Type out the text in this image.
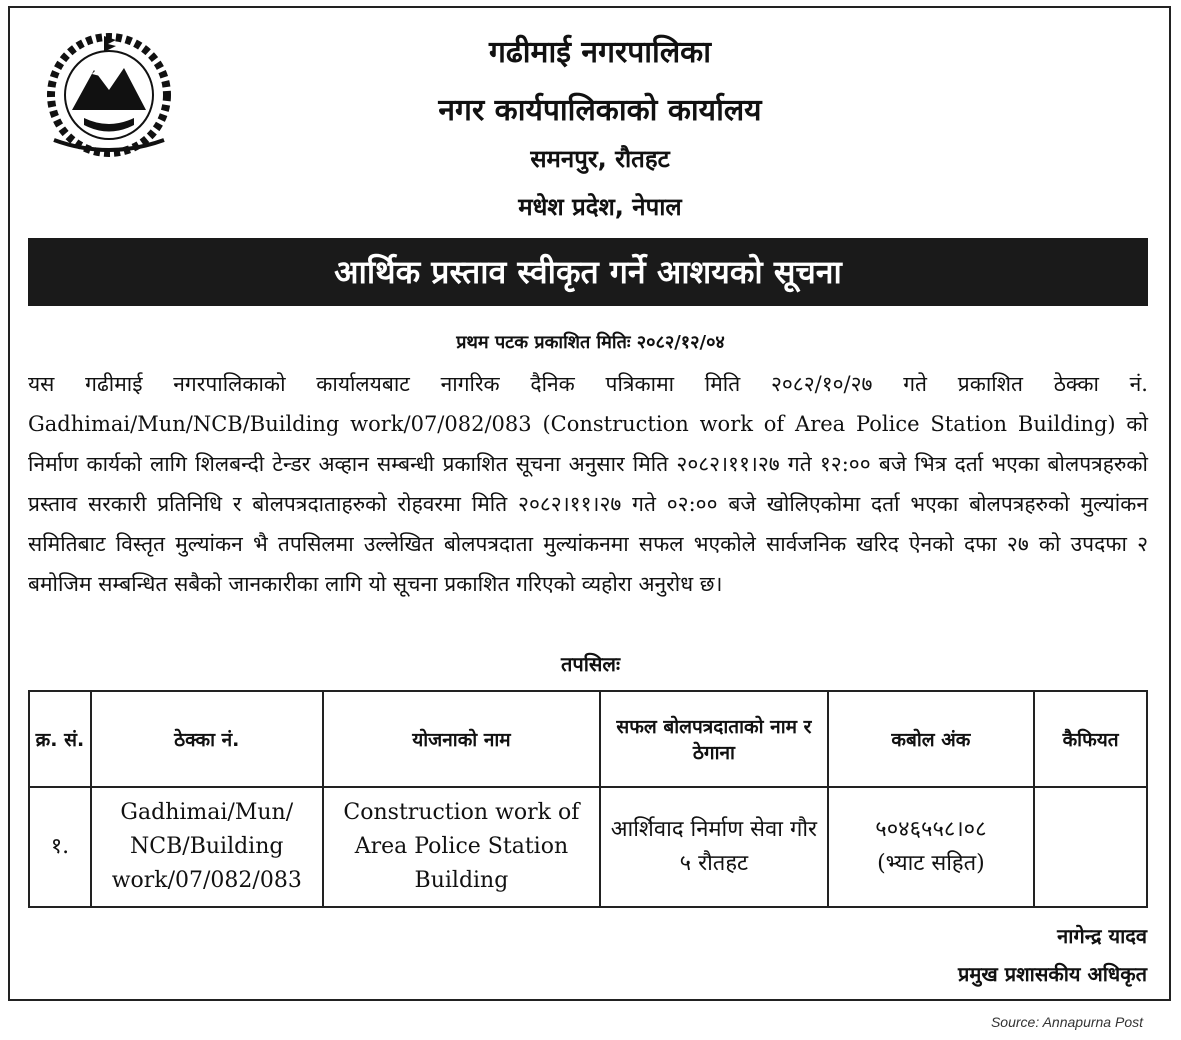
गढीमाई नगरपालिका
नगर कार्यपालिकाको कार्यालय
समनपुर, रौतहट
मधेश प्रदेश, नेपाल
आर्थिक प्रस्ताव स्वीकृत गर्ने आशयको सूचना
प्रथम पटक प्रकाशित मितिः २०८२/१२/०४
यस गढीमाई नगरपालिकाको कार्यालयबाट नागरिक दैनिक पत्रिकामा मिति २०८२/१०/२७ गते प्रकाशित ठेक्का नं. Gadhimai/Mun/NCB/Building work/07/082/083 (Construction work of Area Police Station Building) को निर्माण कार्यको लागि शिलबन्दी टेन्डर अव्हान सम्बन्धी प्रकाशित सूचना अनुसार मिति २०८२।११।२७ गते १२:०० बजे भित्र दर्ता भएका बोलपत्रहरुको प्रस्ताव सरकारी प्रतिनिधि र बोलपत्रदाताहरुको रोहवरमा मिति २०८२।११।२७ गते ०२:०० बजे खोलिएकोमा दर्ता भएका बोलपत्रहरुको मुल्यांकन समितिबाट विस्तृत मुल्यांकन भै तपसिलमा उल्लेखित बोलपत्रदाता मुल्यांकनमा सफल भएकोले सार्वजनिक खरिद ऐनको दफा २७ को उपदफा २ बमोजिम सम्बन्धित सबैको जानकारीका लागि यो सूचना प्रकाशित गरिएको व्यहोरा अनुरोध छ।
तपसिलः
क्र. सं.	ठेक्का नं.	योजनाको नाम	सफल बोलपत्रदाताको नाम र ठेगाना	कबोल अंक	कैफियत
१.	Gadhimai/Mun/ NCB/Building work/07/082/083	Construction work of Area Police Station Building	आर्शिवाद निर्माण सेवा गौर ५ रौतहट	५०४६५५८।०८
(भ्याट सहित)	

नागेन्द्र यादव
प्रमुख प्रशासकीय अधिकृत
Source: Annapurna Post
